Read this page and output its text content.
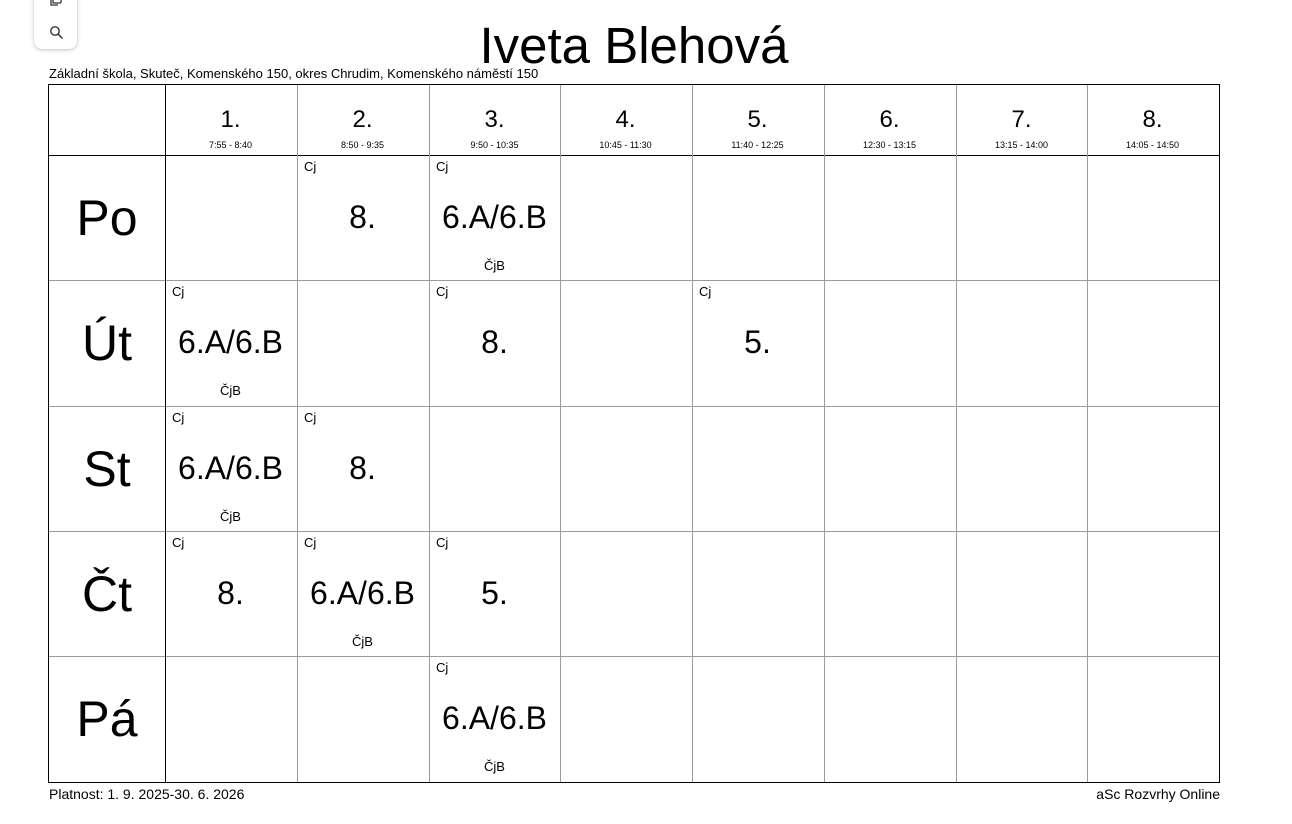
Iveta Blehová
Základní škola, Skuteč, Komenského 150, okres Chrudim, Komenského náměstí 150
1.
7:55 - 8:40
2.
8:50 - 9:35
3.
9:50 - 10:35
4.
10:45 - 11:30
5.
11:40 - 12:25
6.
12:30 - 13:15
7.
13:15 - 14:00
8.
14:05 - 14:50
Po
Cj
8.
Cj
6.A/6.B
ČjB
Út
Cj
6.A/6.B
ČjB
Cj
8.
Cj
5.
St
Cj
6.A/6.B
ČjB
Cj
8.
Čt
Cj
8.
Cj
6.A/6.B
ČjB
Cj
5.
Pá
Cj
6.A/6.B
ČjB
Platnost: 1. 9. 2025-30. 6. 2026	aSc Rozvrhy Online
